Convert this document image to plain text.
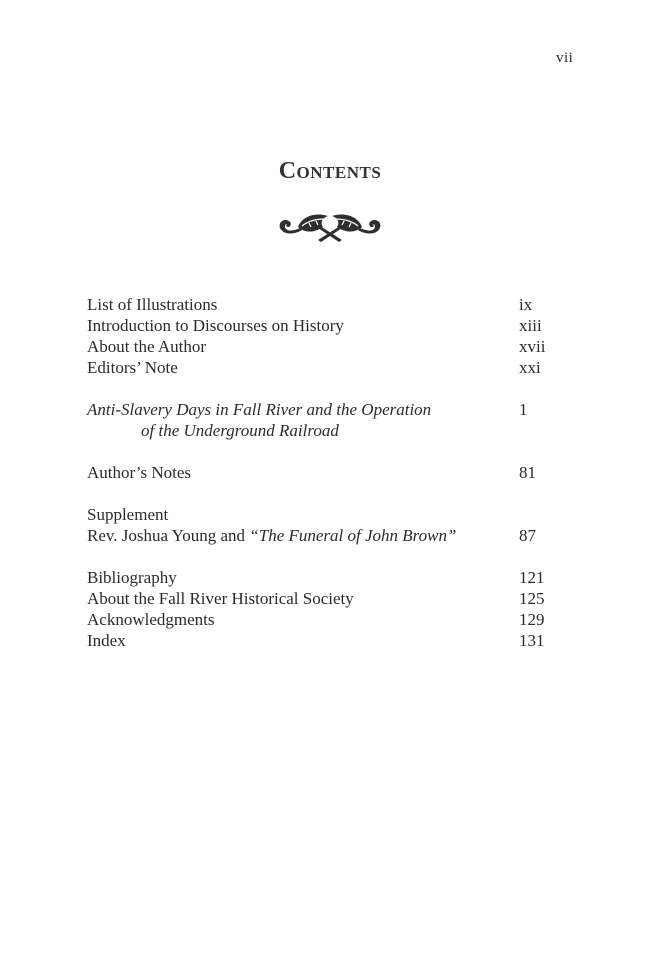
vii
Contents
List of Illustrations	ix
Introduction to Discourses on History	xiii
About the Author	xvii
Editors’ Note	xxi
Anti-Slavery Days in Fall River and the Operation	1
of the Underground Railroad
Author’s Notes	81
Supplement
Rev. Joshua Young and “The Funeral of John Brown”	87
Bibliography	121
About the Fall River Historical Society	125
Acknowledgments	129
Index	131
